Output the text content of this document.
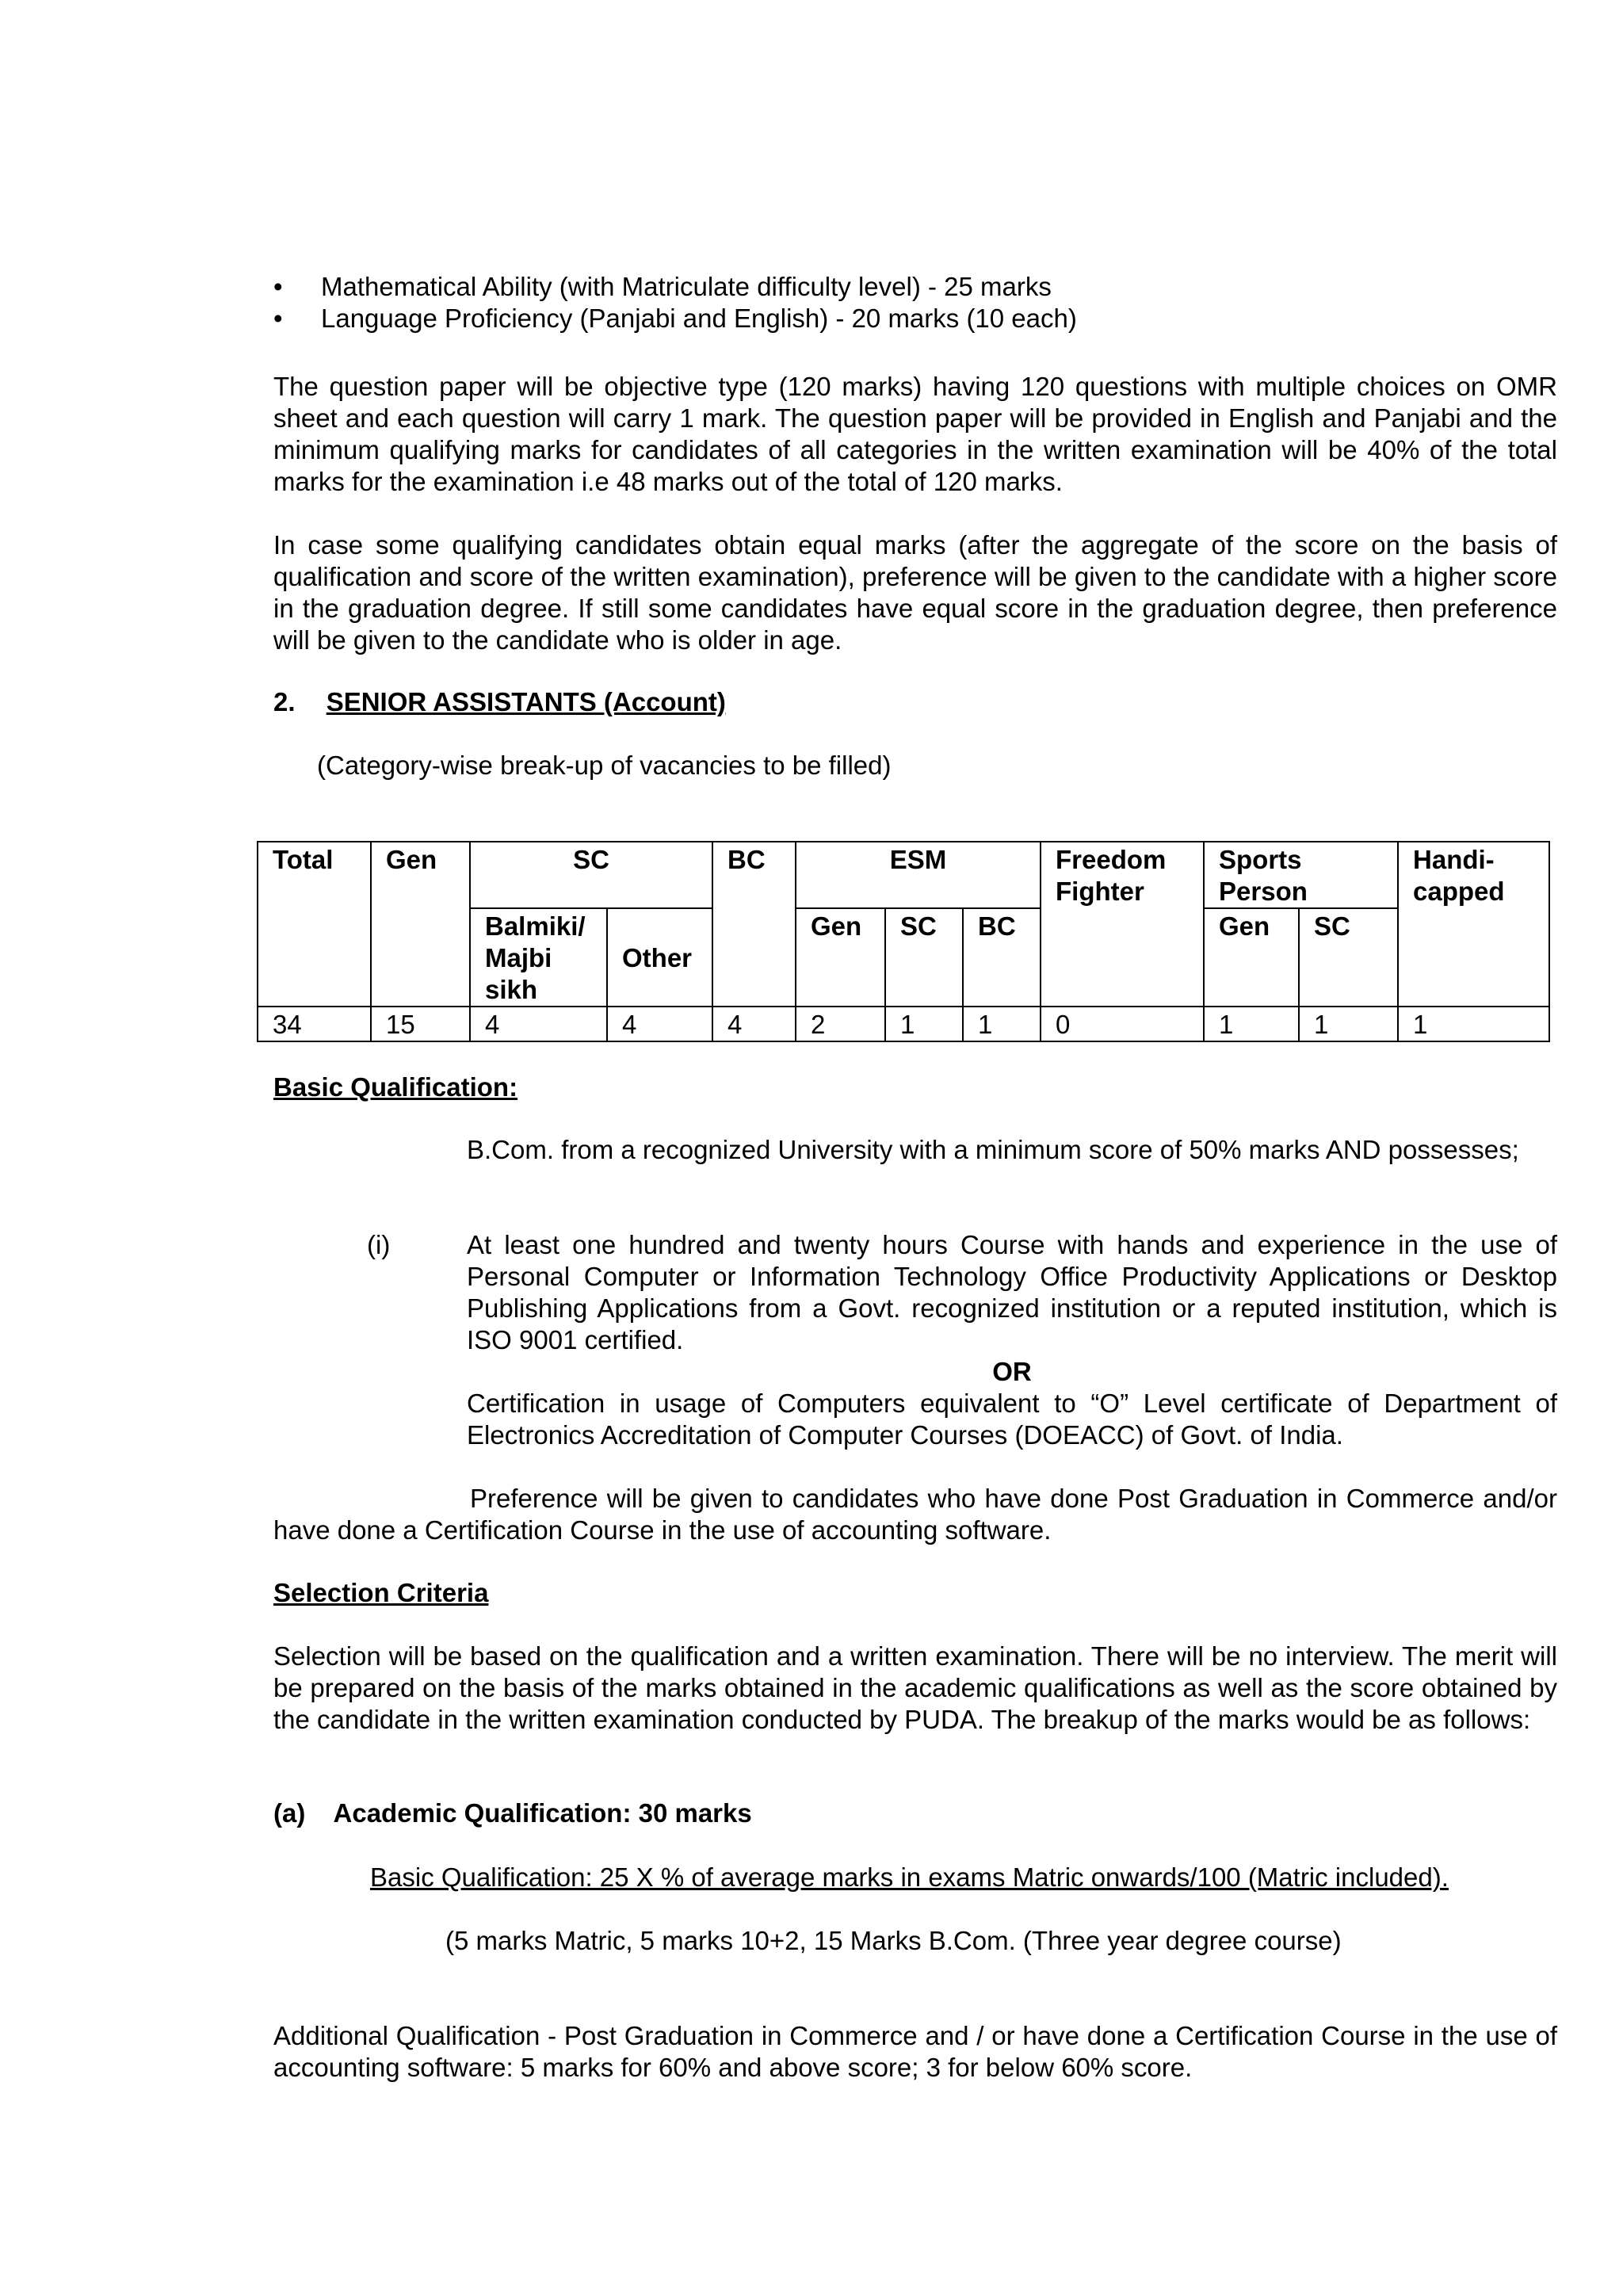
• Mathematical Ability (with Matriculate difficulty level) - 25 marks
• Language Proficiency (Panjabi and English) - 20 marks (10 each)
The question paper will be objective type (120 marks) having 120 questions with multiple choices on OMR sheet and each question will carry 1 mark. The question paper will be provided in English and Panjabi and the minimum qualifying marks for candidates of all categories in the written examination will be 40% of the total marks for the examination i.e 48 marks out of the total of 120 marks.
In case some qualifying candidates obtain equal marks (after the aggregate of the score on the basis of qualification and score of the written examination), preference will be given to the candidate with a higher score in the graduation degree. If still some candidates have equal score in the graduation degree, then preference will be given to the candidate who is older in age.
2. SENIOR ASSISTANTS (Account)
(Category-wise break-up of vacancies to be filled)
Total	Gen	SC		BC	ESM			Freedom Fighter	Sports Person		Handi-capped
		Balmiki/ Majbi sikh	Other		Gen	SC	BC		Gen	SC	
34	15	4	4	4	2	1	1	0	1	1	1
Basic Qualification:
B.Com. from a recognized University with a minimum score of 50% marks AND possesses;
(i)	At least one hundred and twenty hours Course with hands and experience in the use of Personal Computer or Information Technology Office Productivity Applications or Desktop Publishing Applications from a Govt. recognized institution or a reputed institution, which is ISO 9001 certified.
OR
Certification in usage of Computers equivalent to “O” Level certificate of Department of Electronics Accreditation of Computer Courses (DOEACC) of Govt. of India.
Preference will be given to candidates who have done Post Graduation in Commerce and/or have done a Certification Course in the use of accounting software.
Selection Criteria
Selection will be based on the qualification and a written examination. There will be no interview. The merit will be prepared on the basis of the marks obtained in the academic qualifications as well as the score obtained by the candidate in the written examination conducted by PUDA. The breakup of the marks would be as follows:
(a) Academic Qualification: 30 marks
Basic Qualification: 25 X % of average marks in exams Matric onwards/100 (Matric included).
(5 marks Matric, 5 marks 10+2, 15 Marks B.Com. (Three year degree course)
Additional Qualification - Post Graduation in Commerce and / or have done a Certification Course in the use of accounting software: 5 marks for 60% and above score; 3 for below 60% score.
